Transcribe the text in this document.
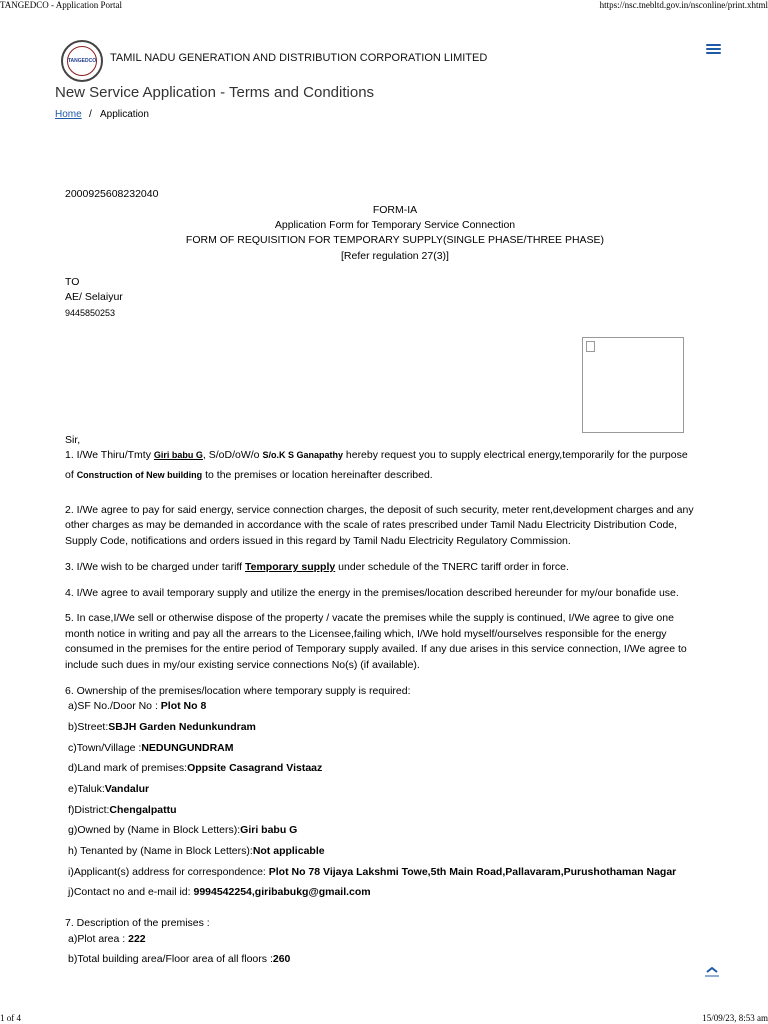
TANGEDCO - Application Portal	https://nsc.tnebltd.gov.in/nsconline/print.xhtml
TANGEDCO TAMIL NADU GENERATION AND DISTRIBUTION CORPORATION LIMITED
New Service Application - Terms and Conditions
Home / Application
2000925608232040
FORM-IA
Application Form for Temporary Service Connection
FORM OF REQUISITION FOR TEMPORARY SUPPLY(SINGLE PHASE/THREE PHASE)
[Refer regulation 27(3)]
TO
AE/ Selaiyur
9445850253
Sir,
1. I/We Thiru/Tmty Giri babu G, S/oD/oW/o S/o.K S Ganapathy hereby request you to supply electrical energy,temporarily for the purpose
of Construction of New building to the premises or location hereinafter described.
2. I/We agree to pay for said energy, service connection charges, the deposit of such security, meter rent,development charges and any
other charges as may be demanded in accordance with the scale of rates prescribed under Tamil Nadu Electricity Distribution Code,
Supply Code, notifications and orders issued in this regard by Tamil Nadu Electricity Regulatory Commission.
3. I/We wish to be charged under tariff Temporary supply under schedule of the TNERC tariff order in force.
4. I/We agree to avail temporary supply and utilize the energy in the premises/location described hereunder for my/our bonafide use.
5. In case,I/We sell or otherwise dispose of the property / vacate the premises while the supply is continued, I/We agree to give one
month notice in writing and pay all the arrears to the Licensee,failing which, I/We hold myself/ourselves responsible for the energy
consumed in the premises for the entire period of Temporary supply availed. If any due arises in this service connection, I/We agree to
include such dues in my/our existing service connections No(s) (if available).
6. Ownership of the premises/location where temporary supply is required:
a)SF No./Door No : Plot No 8
b)Street:SBJH Garden Nedunkundram
c)Town/Village :NEDUNGUNDRAM
d)Land mark of premises:Oppsite Casagrand Vistaaz
e)Taluk:Vandalur
f)District:Chengalpattu
g)Owned by (Name in Block Letters):Giri babu G
h) Tenanted by (Name in Block Letters):Not applicable
i)Applicant(s) address for correspondence: Plot No 78 Vijaya Lakshmi Towe,5th Main Road,Pallavaram,Purushothaman Nagar
j)Contact no and e-mail id: 9994542254,giribabukg@gmail.com
7. Description of the premises :
a)Plot area : 222
b)Total building area/Floor area of all floors :260
1 of 4	15/09/23, 8:53 am
